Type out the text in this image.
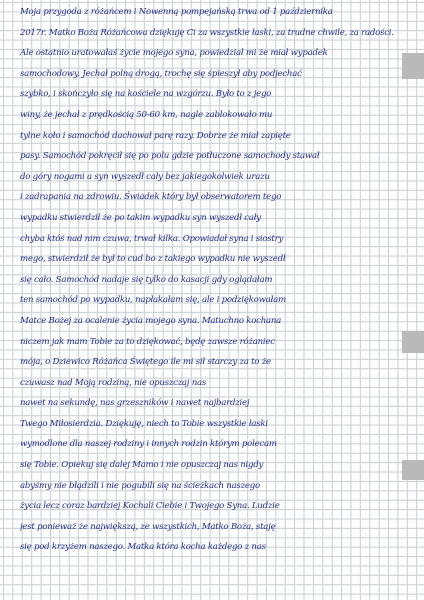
Moja przygoda z różańcem i Nowenną pompejańską trwa od 1 października
2017r. Matko Boża Różańcowa dziękuję Ci za wszystkie łaski, za trudne chwile, za radości.
Ale ostatnio uratowałaś życie mojego syna, powiedział mi że miał wypadek
samochodowy. Jechał polną drogą, trochę się śpieszył aby podjechać
szybko, i skończyło się na kościele na wzgórzu. Było to z jego
winy, że jechał z prędkością 50-60 km, nagle zablokowało mu
tylne koło i samochód dachował parę razy. Dobrze że miał zapięte
pasy. Samochód pokręcił się po polu gdzie potłuczone samochody stawał
do góry nogami a syn wyszedł cały bez jakiegokolwiek urazu
i zadrapania na zdrowiu. Świadek który był obserwatorem tego
wypadku stwierdził że po takim wypadku syn wyszedł cały
chyba któś nad nim czuwa, trwał kilka. Opowiadał syna i siostry
mego, stwierdził że był to cud bo z takiego wypadku nie wyszedł
się cało. Samochód nadaje się tylko do kasacji gdy oglądałam
ten samochód po wypadku, napłakałam się, ale i podziękowałam
Matce Bożej za ocalenie życia mojego syna. Matuchno kochana
niczem jak mam Tobie za to dziękować, będę zawsze różaniec
mója, o Dziewico Różańca Świętego ile mi sił starczy za to że
czuwasz nad Moją rodziną, nie opuszczaj nas
nawet na sekundę, nas grzeszników i nawet najbardziej
Twego Miłosierdzia. Dziękuję, niech to Tobie wszystkie łaski
wymodlone dla naszej rodziny i innych rodzin którym polecam
się Tobie. Opiekuj się dalej Mamo i nie opuszczaj nas nigdy
abyśmy nie błądzili i nie pogubili się na ścieżkach naszego
życia lecz coraz bardziej Kochali Ciebie i Twojego Syna. Ludzie
jest ponieważ że największą, ze wszystkich, Matko Boża, staję
się pod krzyżem naszego. Matka która kocha każdego z nas
